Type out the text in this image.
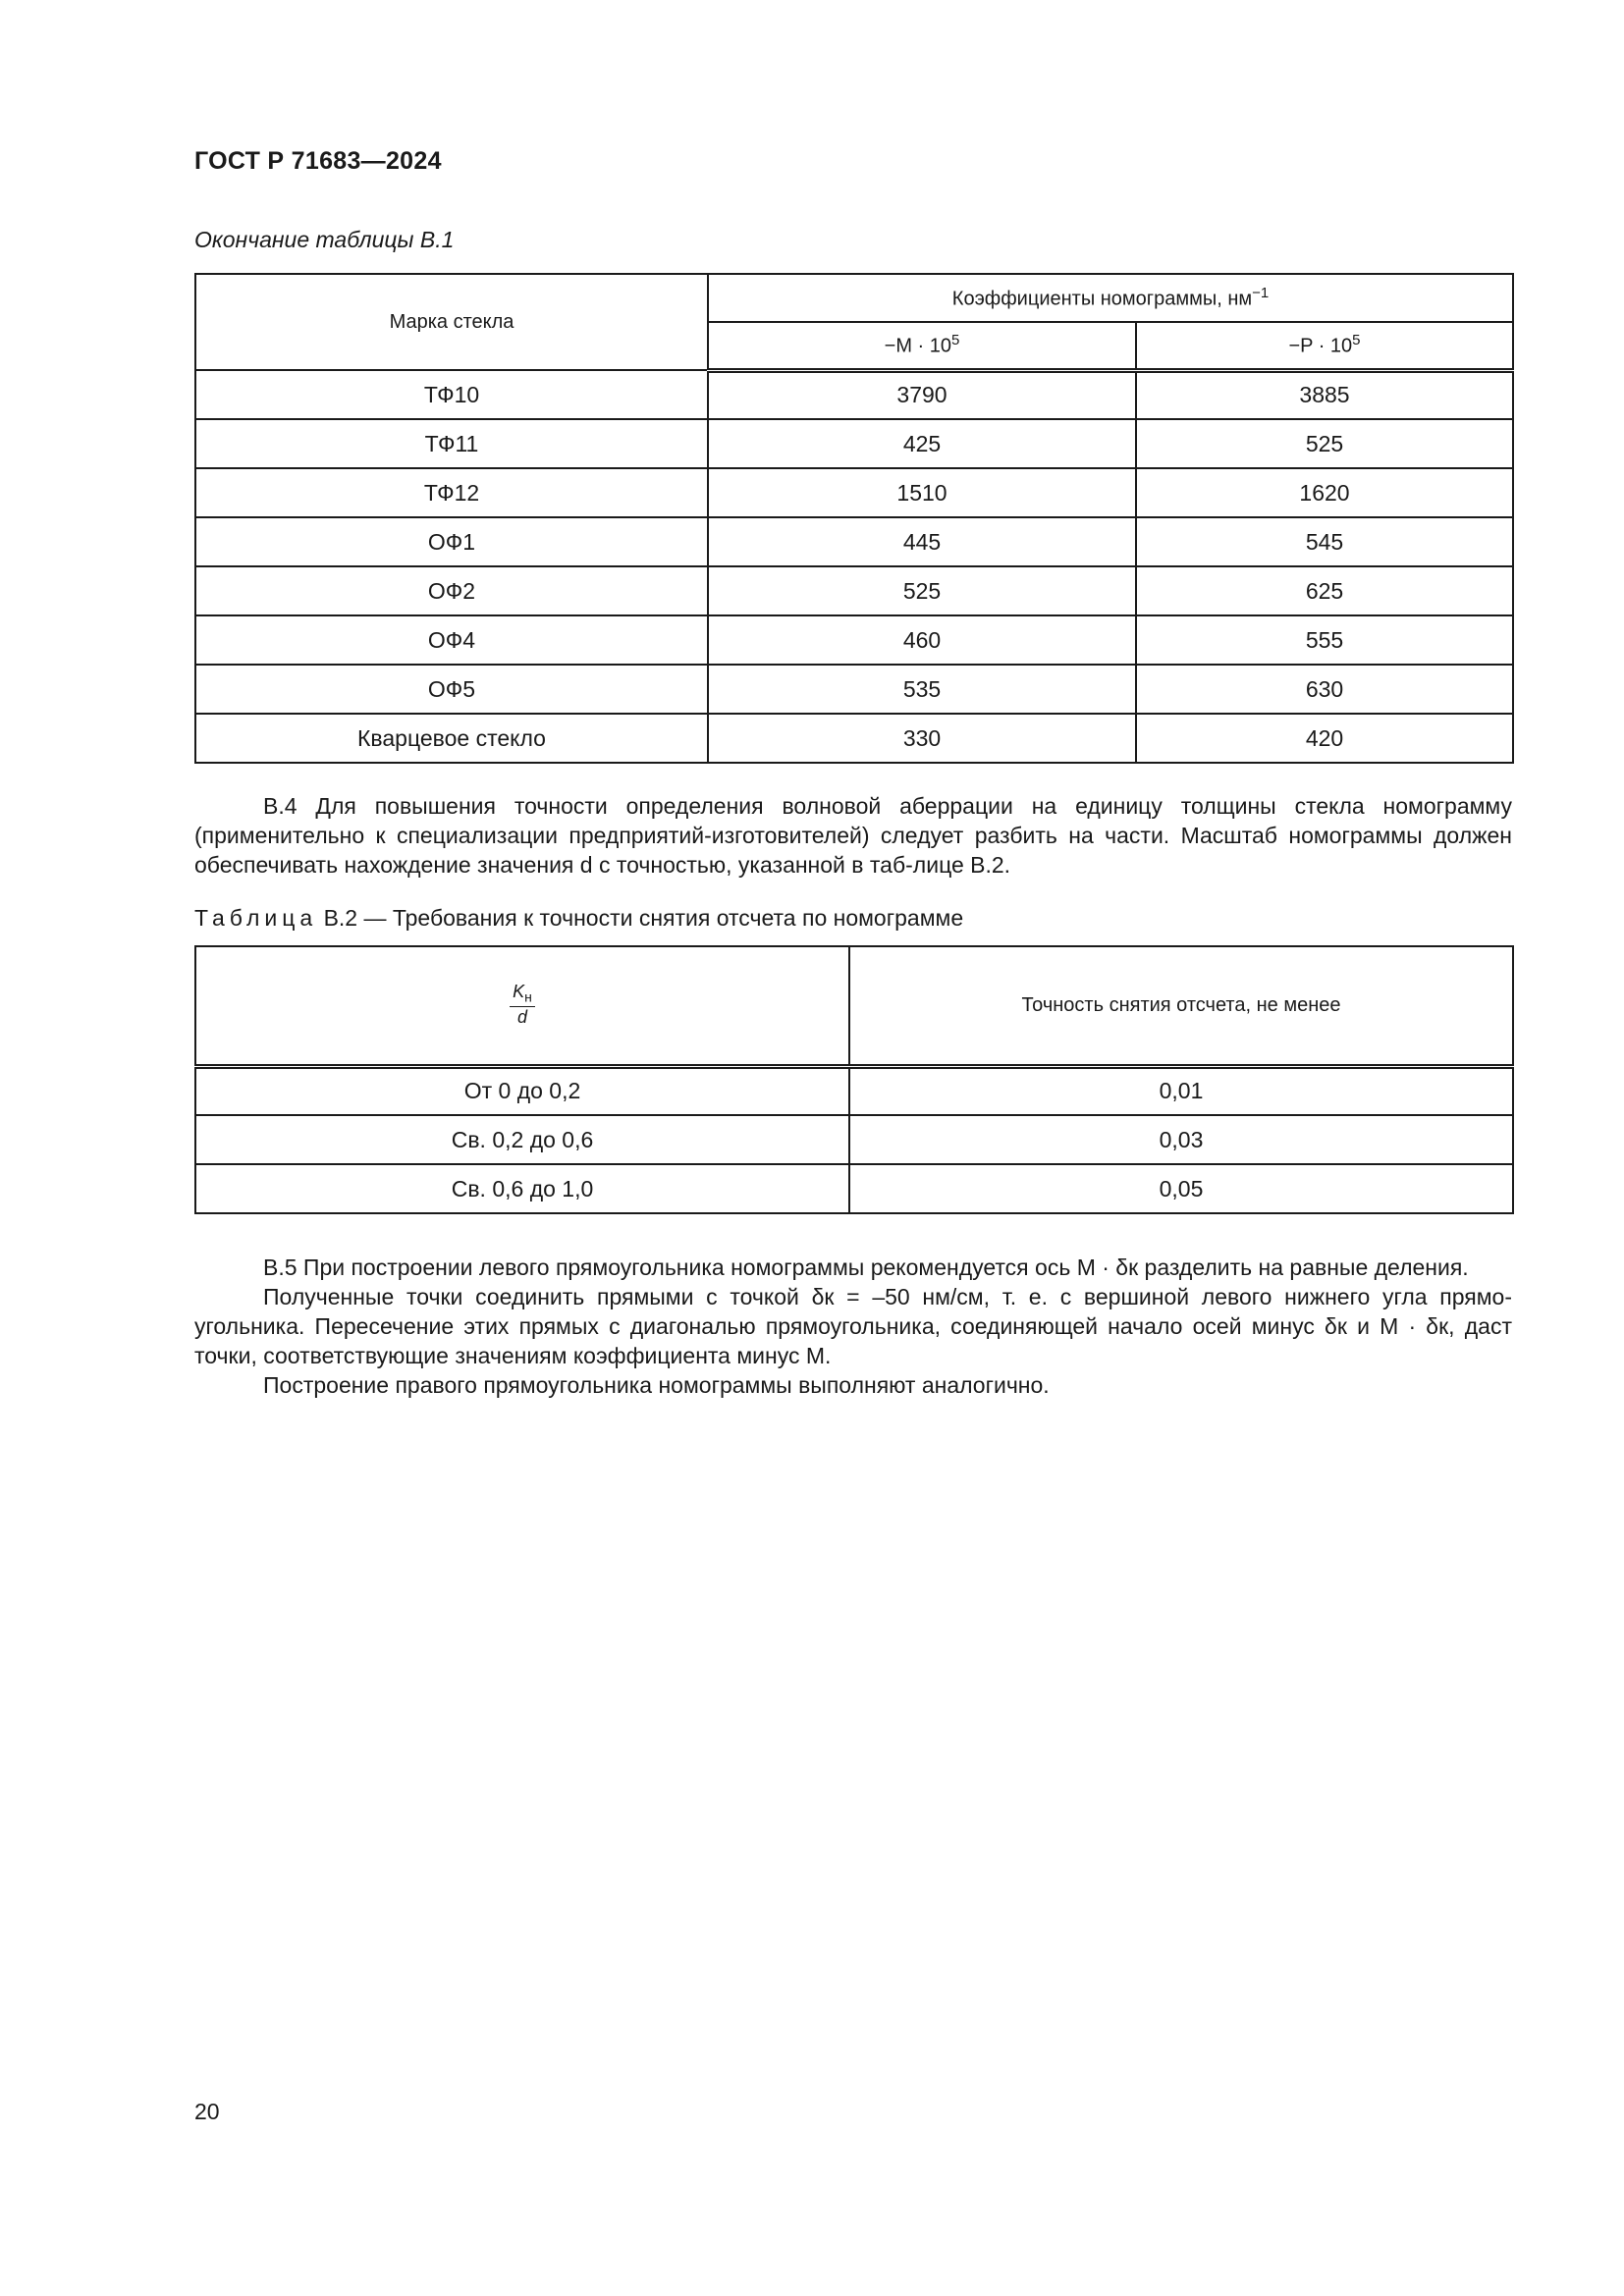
ГОСТ Р 71683—2024
Окончание таблицы В.1
Марка стекла	Коэффициенты номограммы, $нм^{-1}$
	$-M \cdot 10^5$	$-P \cdot 10^5$
ТФ10	3790	3885
ТФ11	425	525
ТФ12	1510	1620
ОФ1	445	545
ОФ2	525	625
ОФ4	460	555
ОФ5	535	630
Кварцевое стекло	330	420

В.4 Для повышения точности определения волновой аберрации на единицу толщины стекла номограмму (применительно к специализации предприятий-изготовителей) следует разбить на части. Масштаб номограммы должен обеспечивать нахождение значения d с точностью, указанной в таб-лице В.2.

Таблица В.2 — Требования к точности снятия отсчета по номограмме
$\frac{K_н}{d}$	Точность снятия отсчета, не менее
От 0 до 0,2	0,01
Св. 0,2 до 0,6	0,03
Св. 0,6 до 1,0	0,05

В.5 При построении левого прямоугольника номограммы рекомендуется ось M · δк разделить на равные деления.

Полученные точки соединить прямыми с точкой δк = –50 нм/см, т. е. с вершиной левого нижнего угла прямо-угольника. Пересечение этих прямых с диагональю прямоугольника, соединяющей начало осей минус δк и M · δк, даст точки, соответствующие значениям коэффициента минус M.

Построение правого прямоугольника номограммы выполняют аналогично.

20
